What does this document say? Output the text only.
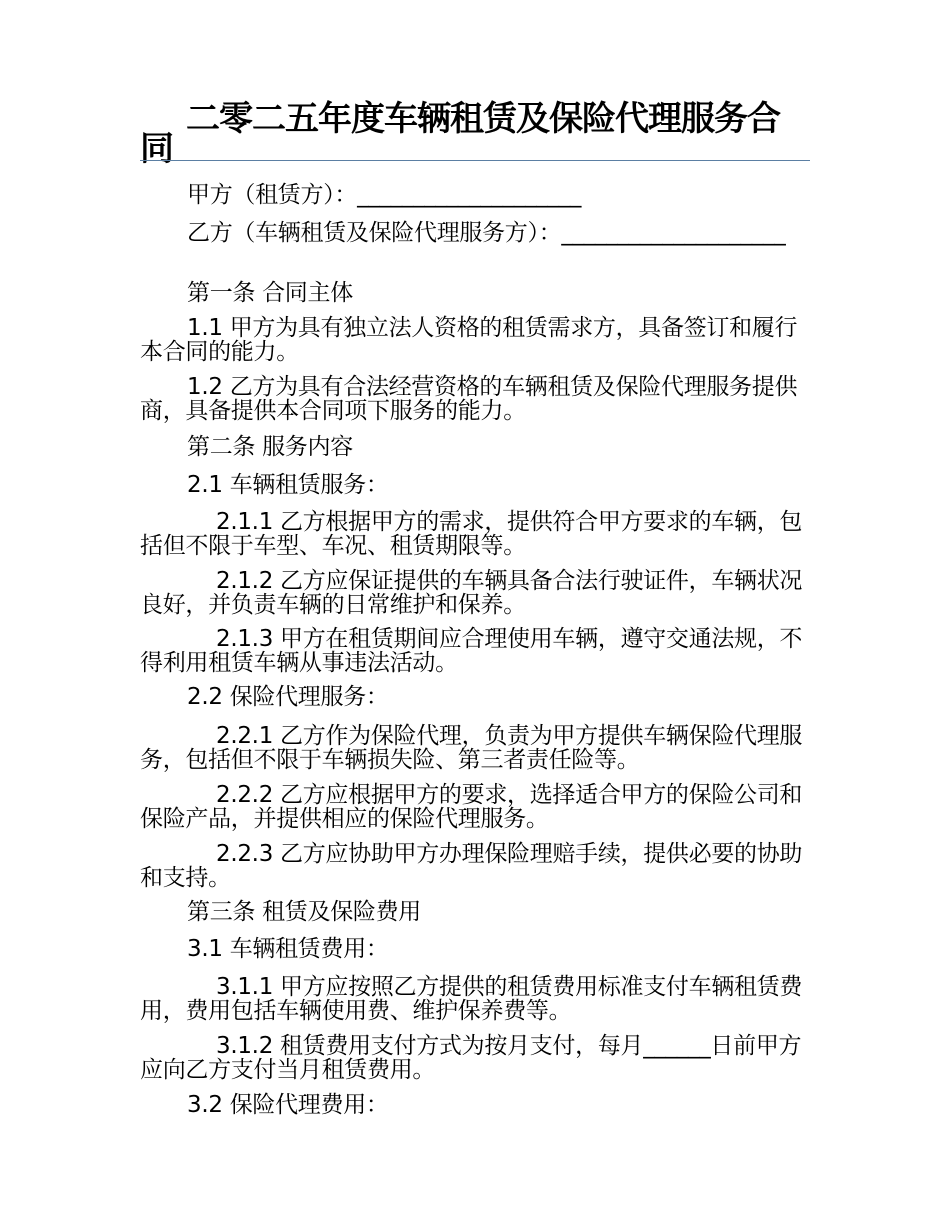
二零二五年度车辆租赁及保险代理服务合同
甲方（租赁方）：____________________
乙方（车辆租赁及保险代理服务方）：____________________
第一条 合同主体
1.1 甲方为具有独立法人资格的租赁需求方，具备签订和履行本合同的能力。
1.2 乙方为具有合法经营资格的车辆租赁及保险代理服务提供商，具备提供本合同项下服务的能力。
第二条 服务内容
2.1 车辆租赁服务：
2.1.1 乙方根据甲方的需求，提供符合甲方要求的车辆，包括但不限于车型、车况、租赁期限等。
2.1.2 乙方应保证提供的车辆具备合法行驶证件，车辆状况良好，并负责车辆的日常维护和保养。
2.1.3 甲方在租赁期间应合理使用车辆，遵守交通法规，不得利用租赁车辆从事违法活动。
2.2 保险代理服务：
2.2.1 乙方作为保险代理，负责为甲方提供车辆保险代理服务，包括但不限于车辆损失险、第三者责任险等。
2.2.2 乙方应根据甲方的要求，选择适合甲方的保险公司和保险产品，并提供相应的保险代理服务。
2.2.3 乙方应协助甲方办理保险理赔手续，提供必要的协助和支持。
第三条 租赁及保险费用
3.1 车辆租赁费用：
3.1.1 甲方应按照乙方提供的租赁费用标准支付车辆租赁费用，费用包括车辆使用费、维护保养费等。
3.1.2 租赁费用支付方式为按月支付，每月______日前甲方应向乙方支付当月租赁费用。
3.2 保险代理费用：
